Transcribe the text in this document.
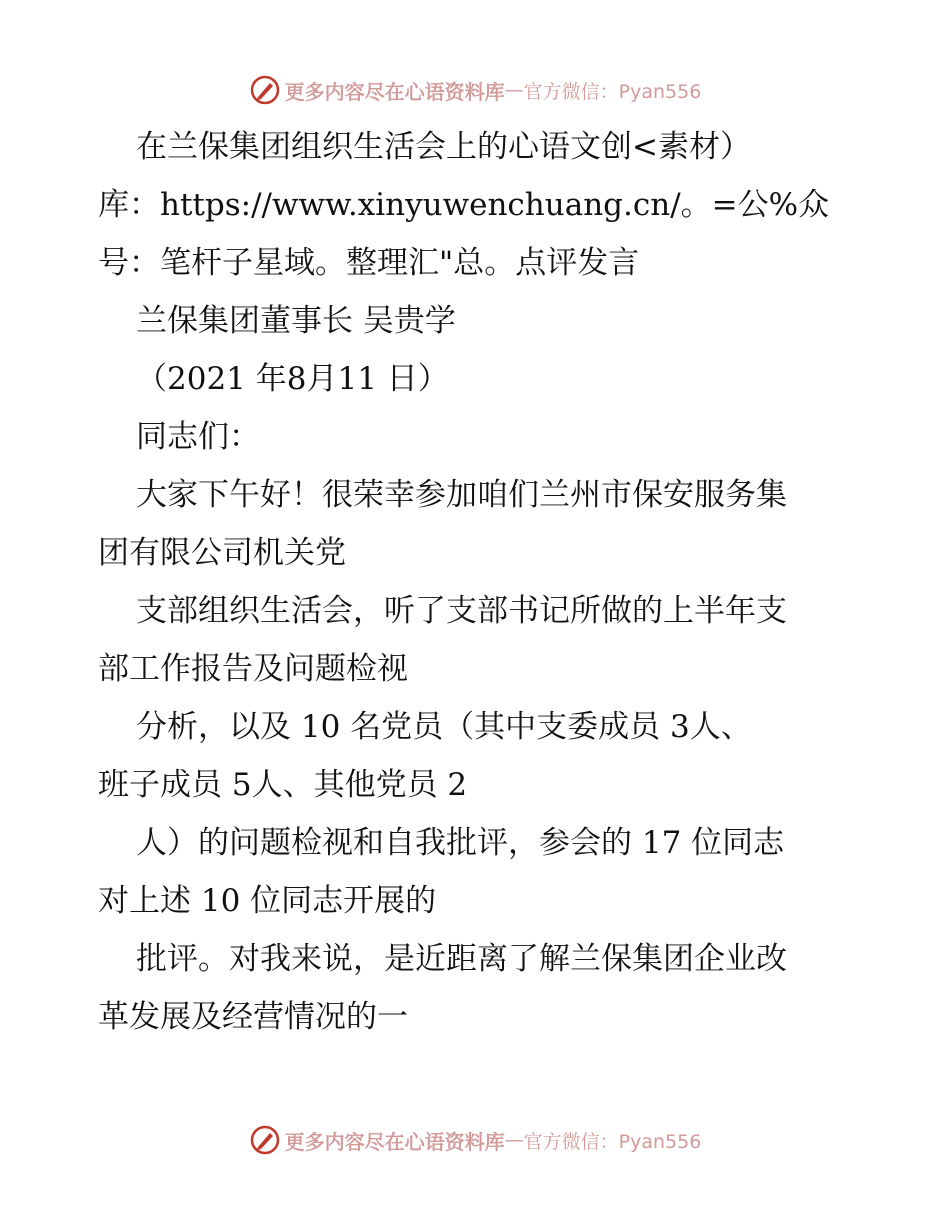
更多内容尽在心语资料库 — 官方微信：Pyan556
在兰保集团组织生活会上的心语文创<素材）
库：https://www.xinyuwenchuang.cn/。=公%众
号：笔杆子星域。整理汇"总。点评发言
兰保集团董事长 吴贵学
（2021 年8月11 日）
同志们：
大家下午好！很荣幸参加咱们兰州市保安服务集
团有限公司机关党
支部组织生活会，听了支部书记所做的上半年支
部工作报告及问题检视
分析，以及 10 名党员（其中支委成员 3人、
班子成员 5人、其他党员 2
人）的问题检视和自我批评，参会的 17 位同志
对上述 10 位同志开展的
批评。对我来说，是近距离了解兰保集团企业改
革发展及经营情况的一
更多内容尽在心语资料库 — 官方微信：Pyan556
